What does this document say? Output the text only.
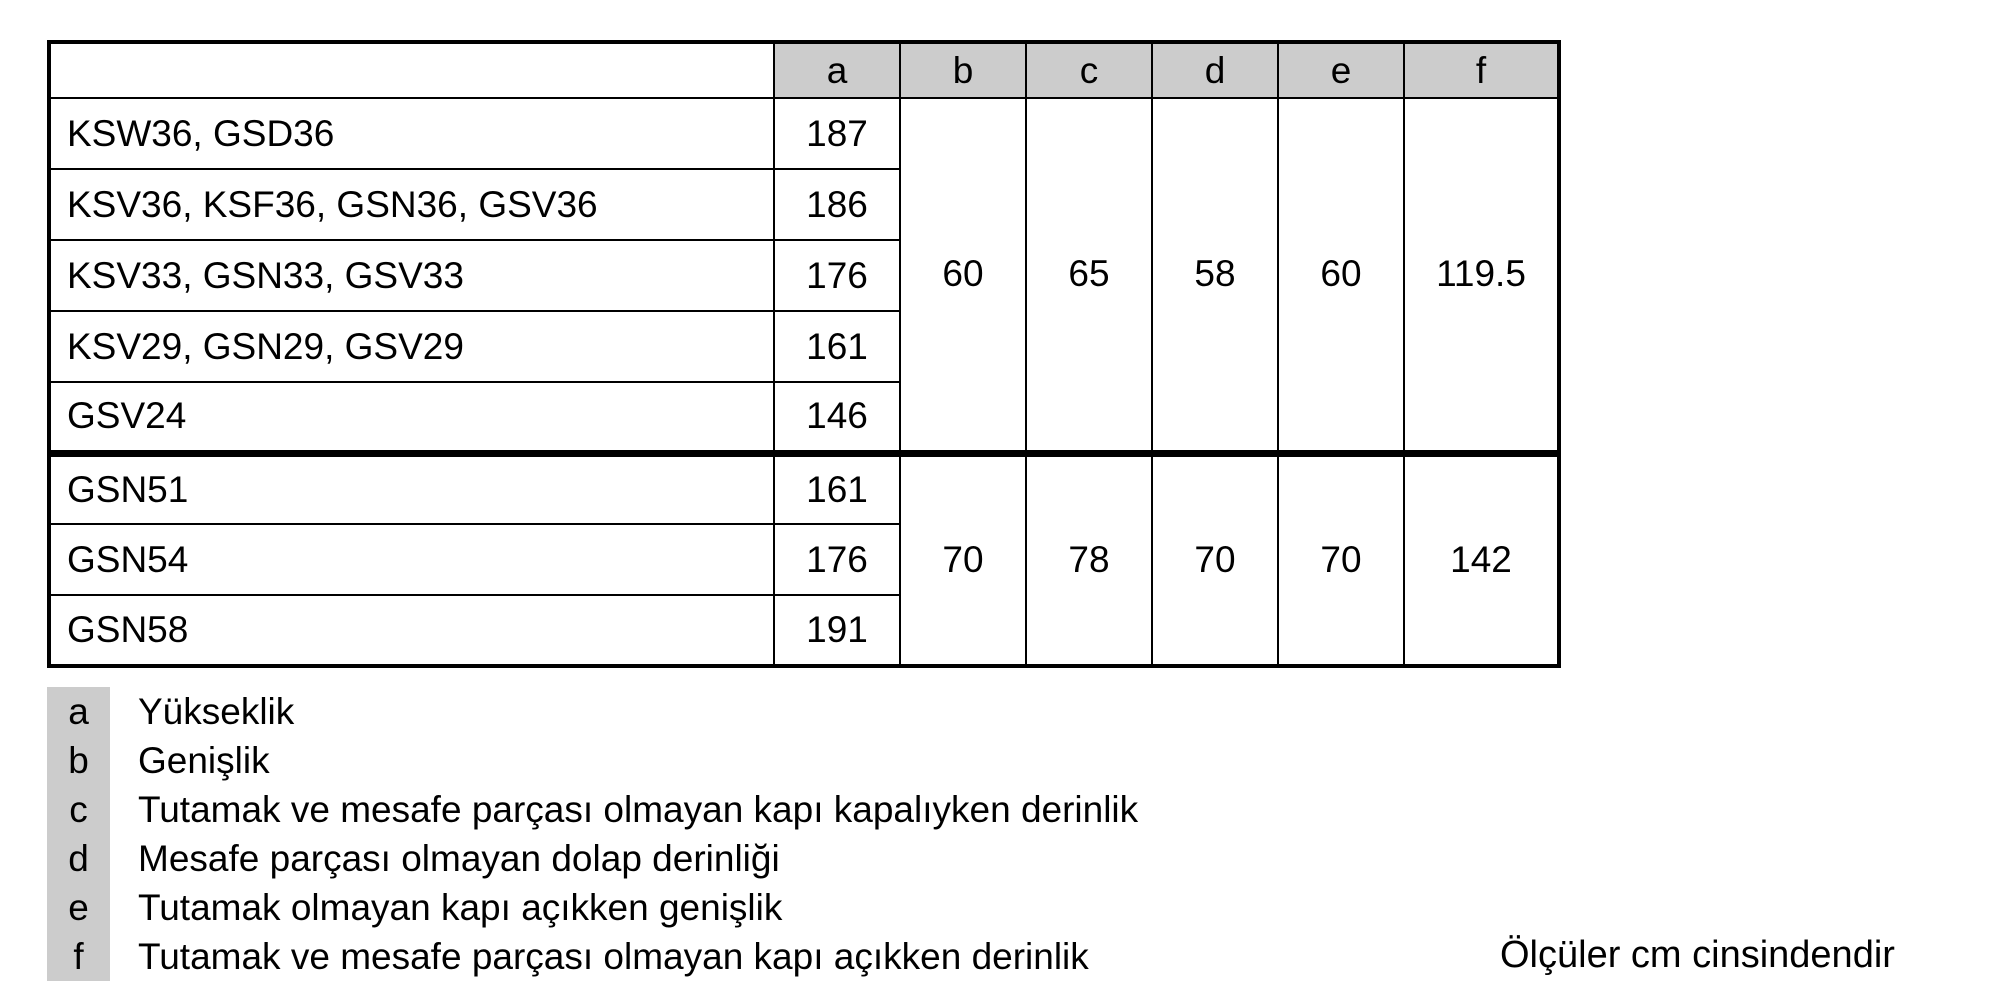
	a	b	c	d	e	f
KSW36, GSD36	187	60	65	58	60	119.5
KSV36, KSF36, GSN36, GSV36	186					
KSV33, GSN33, GSV33	176					
KSV29, GSN29, GSV29	161					
GSV24	146					
GSN51	161	70	78	70	70	142
GSN54	176					
GSN58	191					
a	Yükseklik
b	Genişlik
c	Tutamak ve mesafe parçası olmayan kapı kapalıyken derinlik
d	Mesafe parçası olmayan dolap derinliği
e	Tutamak olmayan kapı açıkken genişlik
f	Tutamak ve mesafe parçası olmayan kapı açıkken derinlik	Ölçüler cm cinsindendir
